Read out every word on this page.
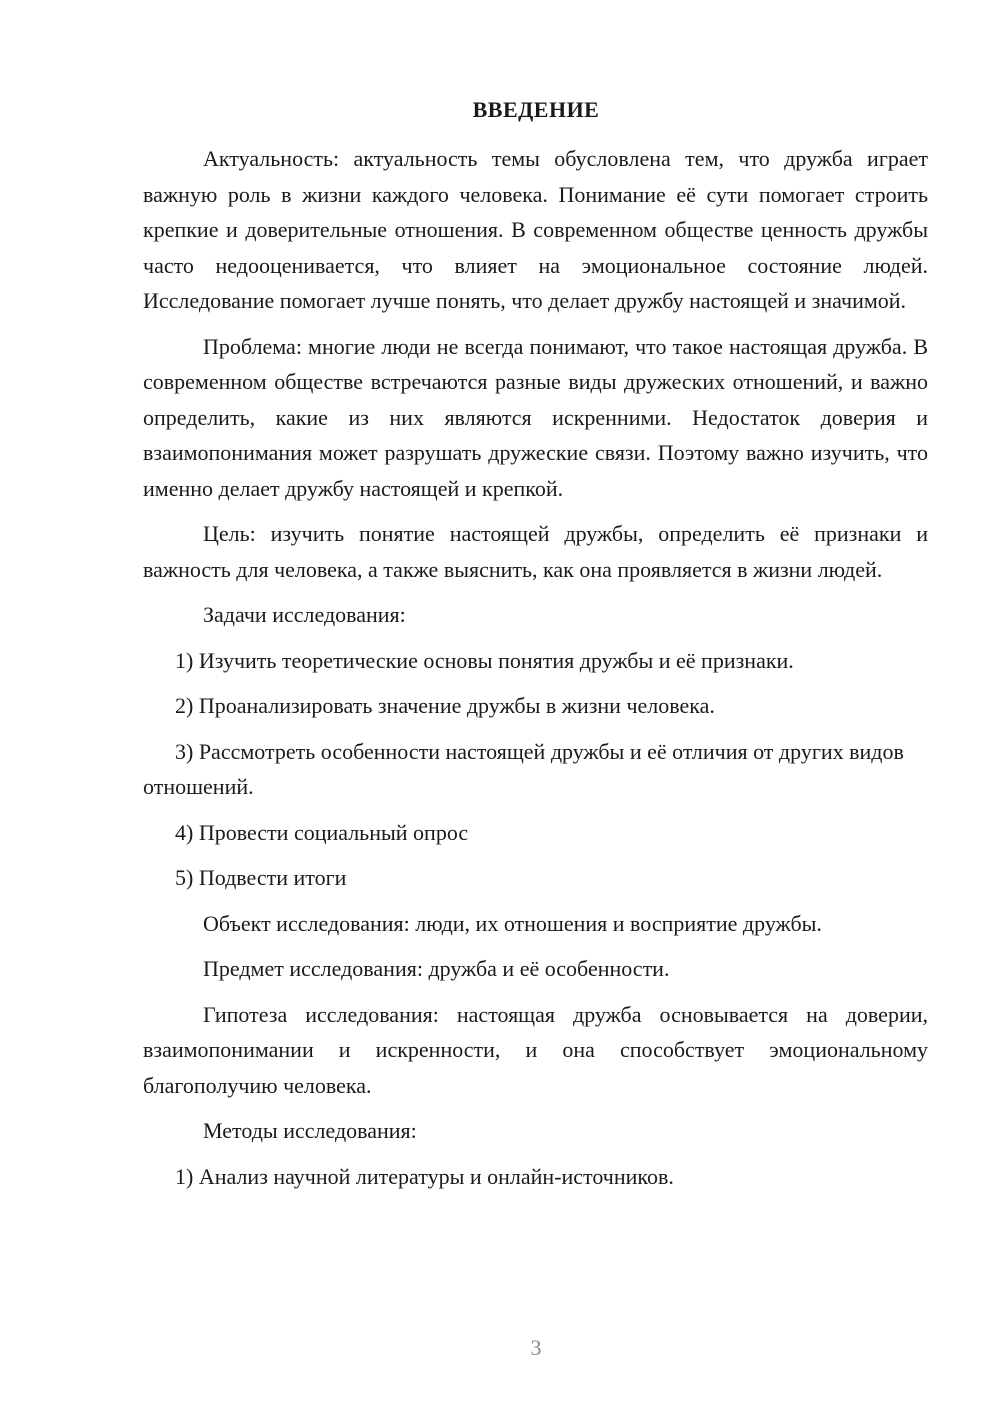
ВВЕДЕНИЕ

Актуальность: актуальность темы обусловлена тем, что дружба играет важную роль в жизни каждого человека. Понимание её сути помогает строить крепкие и доверительные отношения. В современном обществе ценность дружбы часто недооценивается, что влияет на эмоциональное состояние людей. Исследование помогает лучше понять, что делает дружбу настоящей и значимой.

Проблема: многие люди не всегда понимают, что такое настоящая дружба. В современном обществе встречаются разные виды дружеских отношений, и важно определить, какие из них являются искренними. Недостаток доверия и взаимопонимания может разрушать дружеские связи. Поэтому важно изучить, что именно делает дружбу настоящей и крепкой.

Цель: изучить понятие настоящей дружбы, определить её признаки и важность для человека, а также выяснить, как она проявляется в жизни людей.

Задачи исследования:

1) Изучить теоретические основы понятия дружбы и её признаки.

2) Проанализировать значение дружбы в жизни человека.

3) Рассмотреть особенности настоящей дружбы и её отличия от других видов отношений.

4) Провести социальный опрос

5) Подвести итоги

Объект исследования: люди, их отношения и восприятие дружбы.

Предмет исследования: дружба и её особенности.

Гипотеза исследования: настоящая дружба основывается на доверии, взаимопонимании и искренности, и она способствует эмоциональному благополучию человека.

Методы исследования:

1) Анализ научной литературы и онлайн-источников.

3
